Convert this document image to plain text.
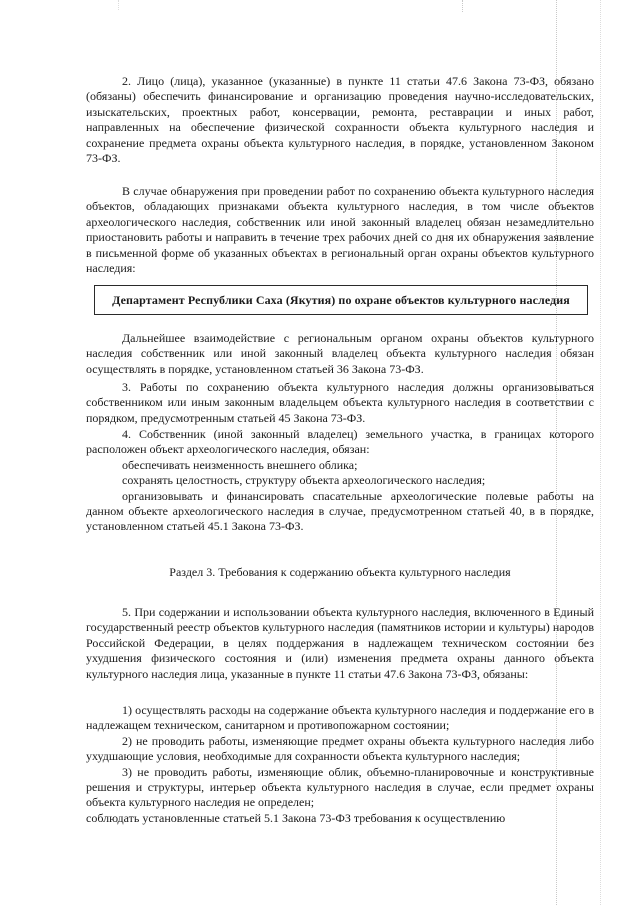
2. Лицо (лица), указанное (указанные) в пункте 11 статьи 47.6 Закона 73-ФЗ, обязано (обязаны) обеспечить финансирование и организацию проведения научно-исследовательских, изыскательских, проектных работ, консервации, ремонта, реставрации и иных работ, направленных на обеспечение физической сохранности объекта культурного наследия и сохранение предмета охраны объекта культурного наследия, в порядке, установленном Законом 73-ФЗ.

В случае обнаружения при проведении работ по сохранению объекта культурного наследия объектов, обладающих признаками объекта культурного наследия, в том числе объектов археологического наследия, собственник или иной законный владелец обязан незамедлительно приостановить работы и направить в течение трех рабочих дней со дня их обнаружения заявление в письменной форме об указанных объектах в региональный орган охраны объектов культурного наследия:

Департамент Республики Саха (Якутия) по охране объектов культурного наследия

Дальнейшее взаимодействие с региональным органом охраны объектов культурного наследия собственник или иной законный владелец объекта культурного наследия обязан осуществлять в порядке, установленном статьей 36 Закона 73-ФЗ.

3. Работы по сохранению объекта культурного наследия должны организовываться собственником или иным законным владельцем объекта культурного наследия в соответствии с порядком, предусмотренным статьей 45 Закона 73-ФЗ.

4. Собственник (иной законный владелец) земельного участка, в границах которого расположен объект археологического наследия, обязан:

обеспечивать неизменность внешнего облика;

сохранять целостность, структуру объекта археологического наследия;

организовывать и финансировать спасательные археологические полевые работы на данном объекте археологического наследия в случае, предусмотренном статьей 40, в в порядке, установленном статьей 45.1 Закона 73-ФЗ.

Раздел 3. Требования к содержанию объекта культурного наследия

5. При содержании и использовании объекта культурного наследия, включенного в Единый государственный реестр объектов культурного наследия (памятников истории и культуры) народов Российской Федерации, в целях поддержания в надлежащем техническом состоянии без ухудшения физического состояния и (или) изменения предмета охраны данного объекта культурного наследия лица, указанные в пункте 11 статьи 47.6 Закона 73-ФЗ, обязаны:

1) осуществлять расходы на содержание объекта культурного наследия и поддержание его в надлежащем техническом, санитарном и противопожарном состоянии;

2) не проводить работы, изменяющие предмет охраны объекта культурного наследия либо ухудшающие условия, необходимые для сохранности объекта культурного наследия;

3) не проводить работы, изменяющие облик, объемно-планировочные и конструктивные решения и структуры, интерьер объекта культурного наследия в случае, если предмет охраны объекта культурного наследия не определен;

соблюдать установленные статьей 5.1 Закона 73-ФЗ требования к осуществлению
